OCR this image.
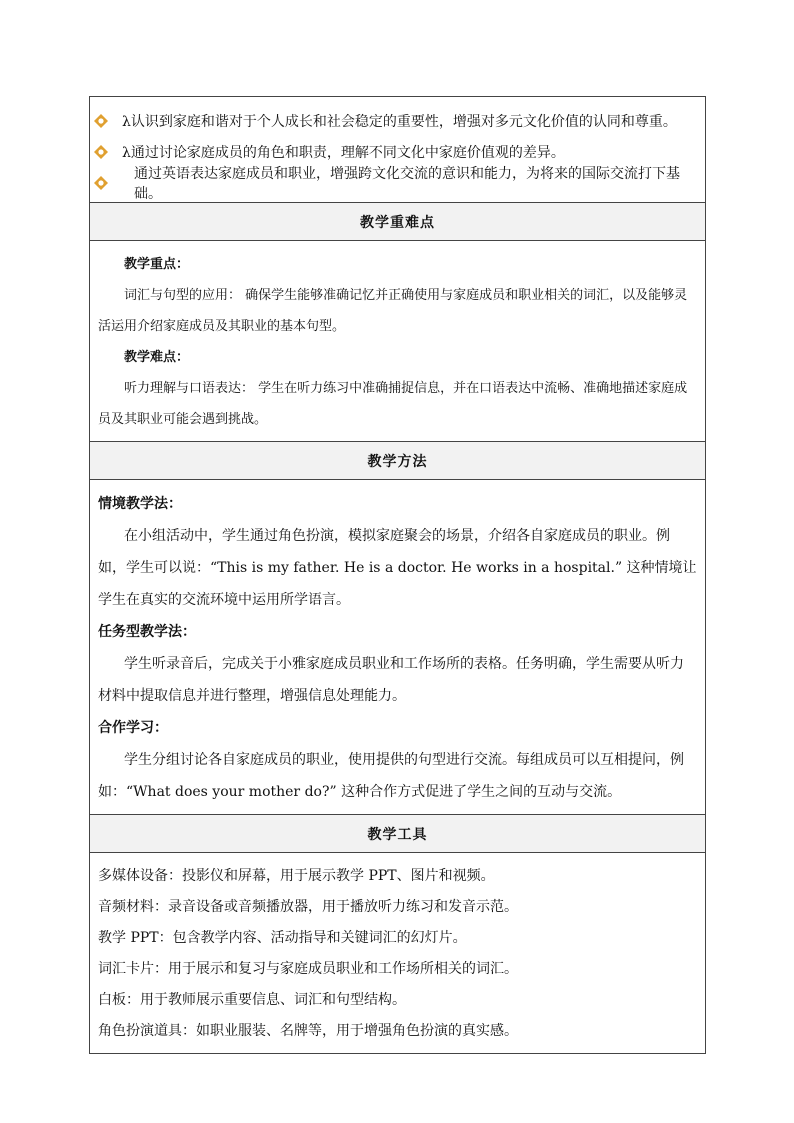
λ认识到家庭和谐对于个人成长和社会稳定的重要性，增强对多元文化价值的认同和尊重。
λ通过讨论家庭成员的角色和职责，理解不同文化中家庭价值观的差异。
通过英语表达家庭成员和职业，增强跨文化交流的意识和能力，为将来的国际交流打下基础。
教学重难点
教学重点：
词汇与句型的应用： 确保学生能够准确记忆并正确使用与家庭成员和职业相关的词汇，以及能够灵活运用介绍家庭成员及其职业的基本句型。
教学难点：
听力理解与口语表达： 学生在听力练习中准确捕捉信息，并在口语表达中流畅、准确地描述家庭成员及其职业可能会遇到挑战。
教学方法
情境教学法：
在小组活动中，学生通过角色扮演，模拟家庭聚会的场景，介绍各自家庭成员的职业。例如，学生可以说：“This is my father. He is a doctor. He works in a hospital.” 这种情境让学生在真实的交流环境中运用所学语言。
任务型教学法：
学生听录音后，完成关于小雅家庭成员职业和工作场所的表格。任务明确，学生需要从听力材料中提取信息并进行整理，增强信息处理能力。
合作学习：
学生分组讨论各自家庭成员的职业，使用提供的句型进行交流。每组成员可以互相提问，例如：“What does your mother do?” 这种合作方式促进了学生之间的互动与交流。
教学工具
多媒体设备：投影仪和屏幕，用于展示教学 PPT、图片和视频。
音频材料：录音设备或音频播放器，用于播放听力练习和发音示范。
教学 PPT：包含教学内容、活动指导和关键词汇的幻灯片。
词汇卡片：用于展示和复习与家庭成员职业和工作场所相关的词汇。
白板：用于教师展示重要信息、词汇和句型结构。
角色扮演道具：如职业服装、名牌等，用于增强角色扮演的真实感。
